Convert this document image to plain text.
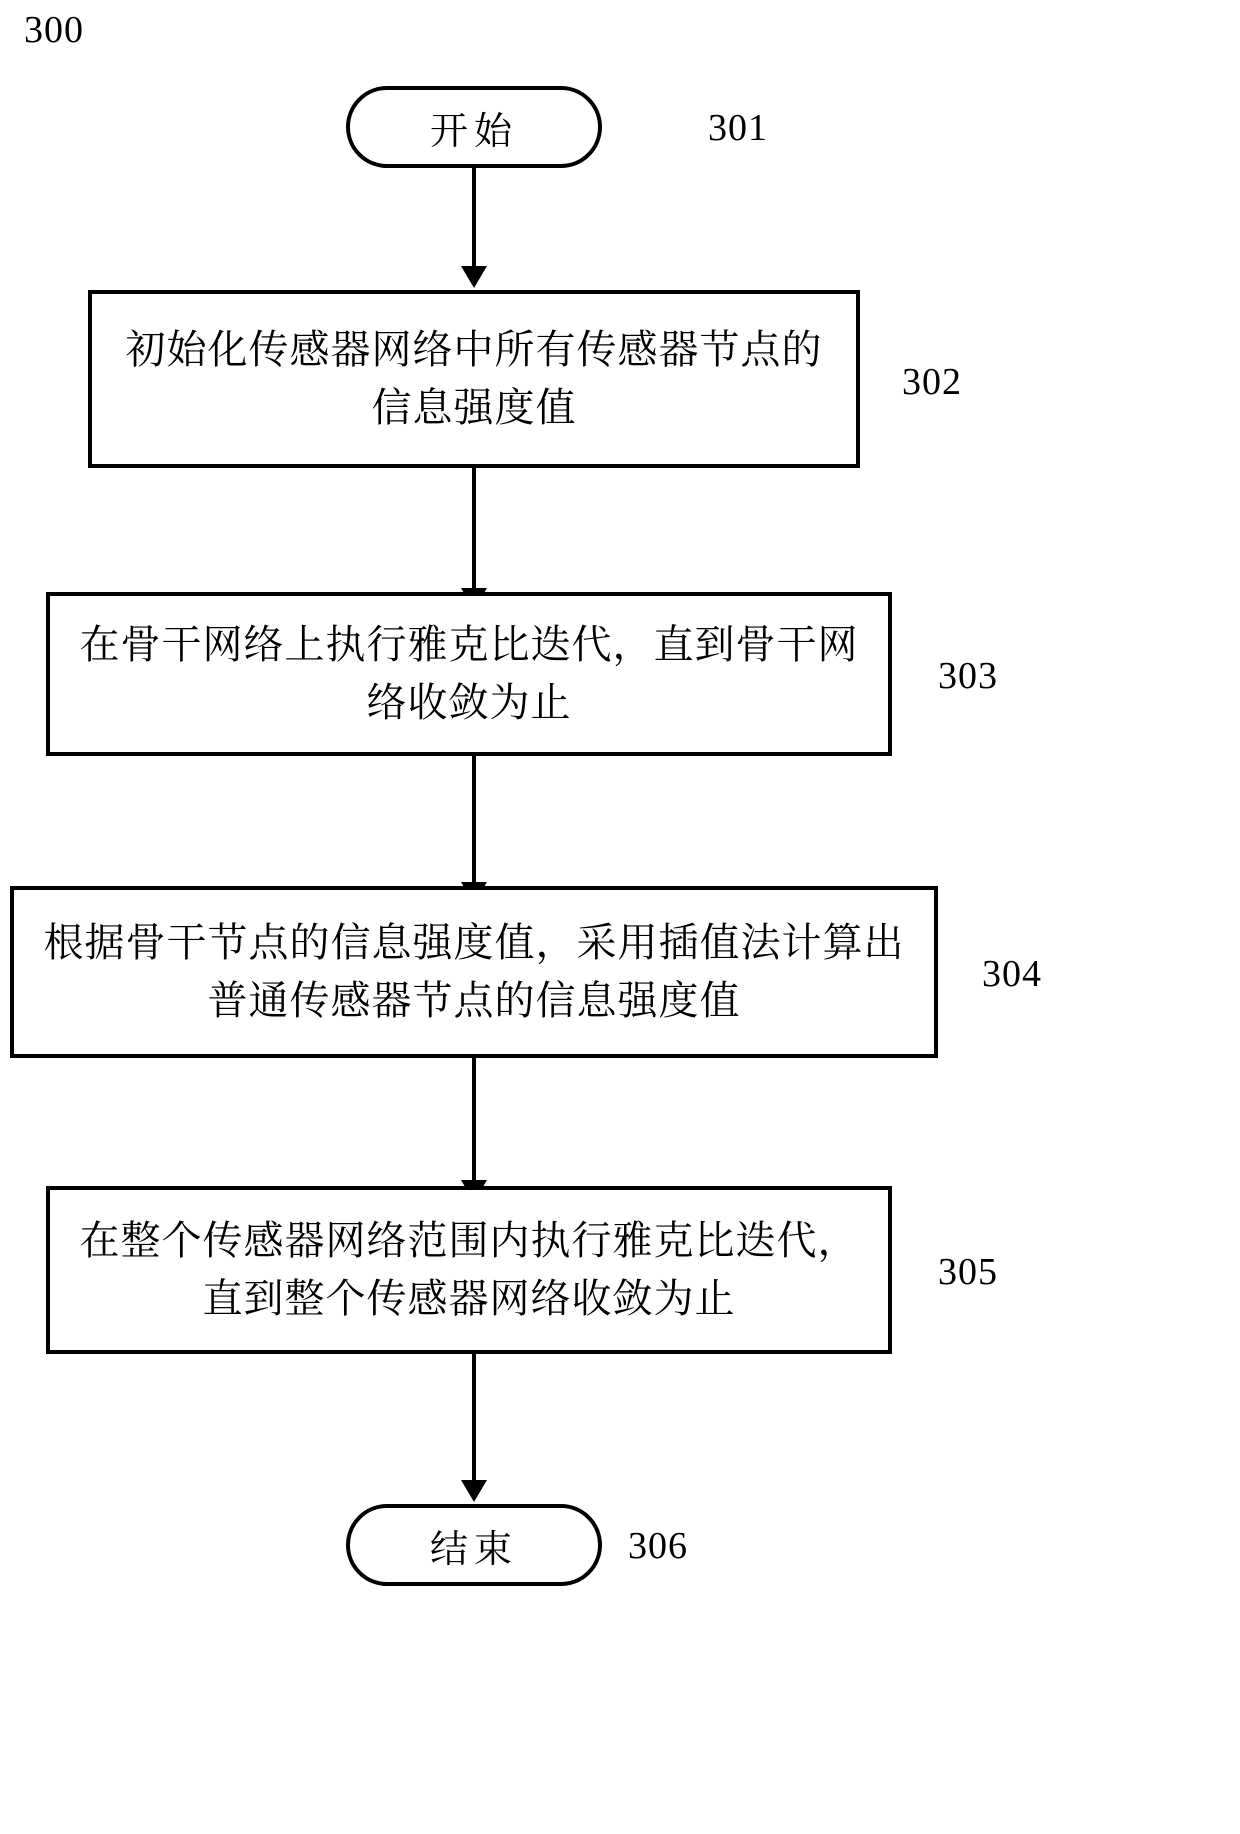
300
开始	301
初始化传感器网络中所有传感器节点的信息强度值
302
在骨干网络上执行雅克比迭代，直到骨干网络收敛为止
303
根据骨干节点的信息强度值，采用插值法计算出普通传感器节点的信息强度值
304
在整个传感器网络范围内执行雅克比迭代，直到整个传感器网络收敛为止
305
结束	306
